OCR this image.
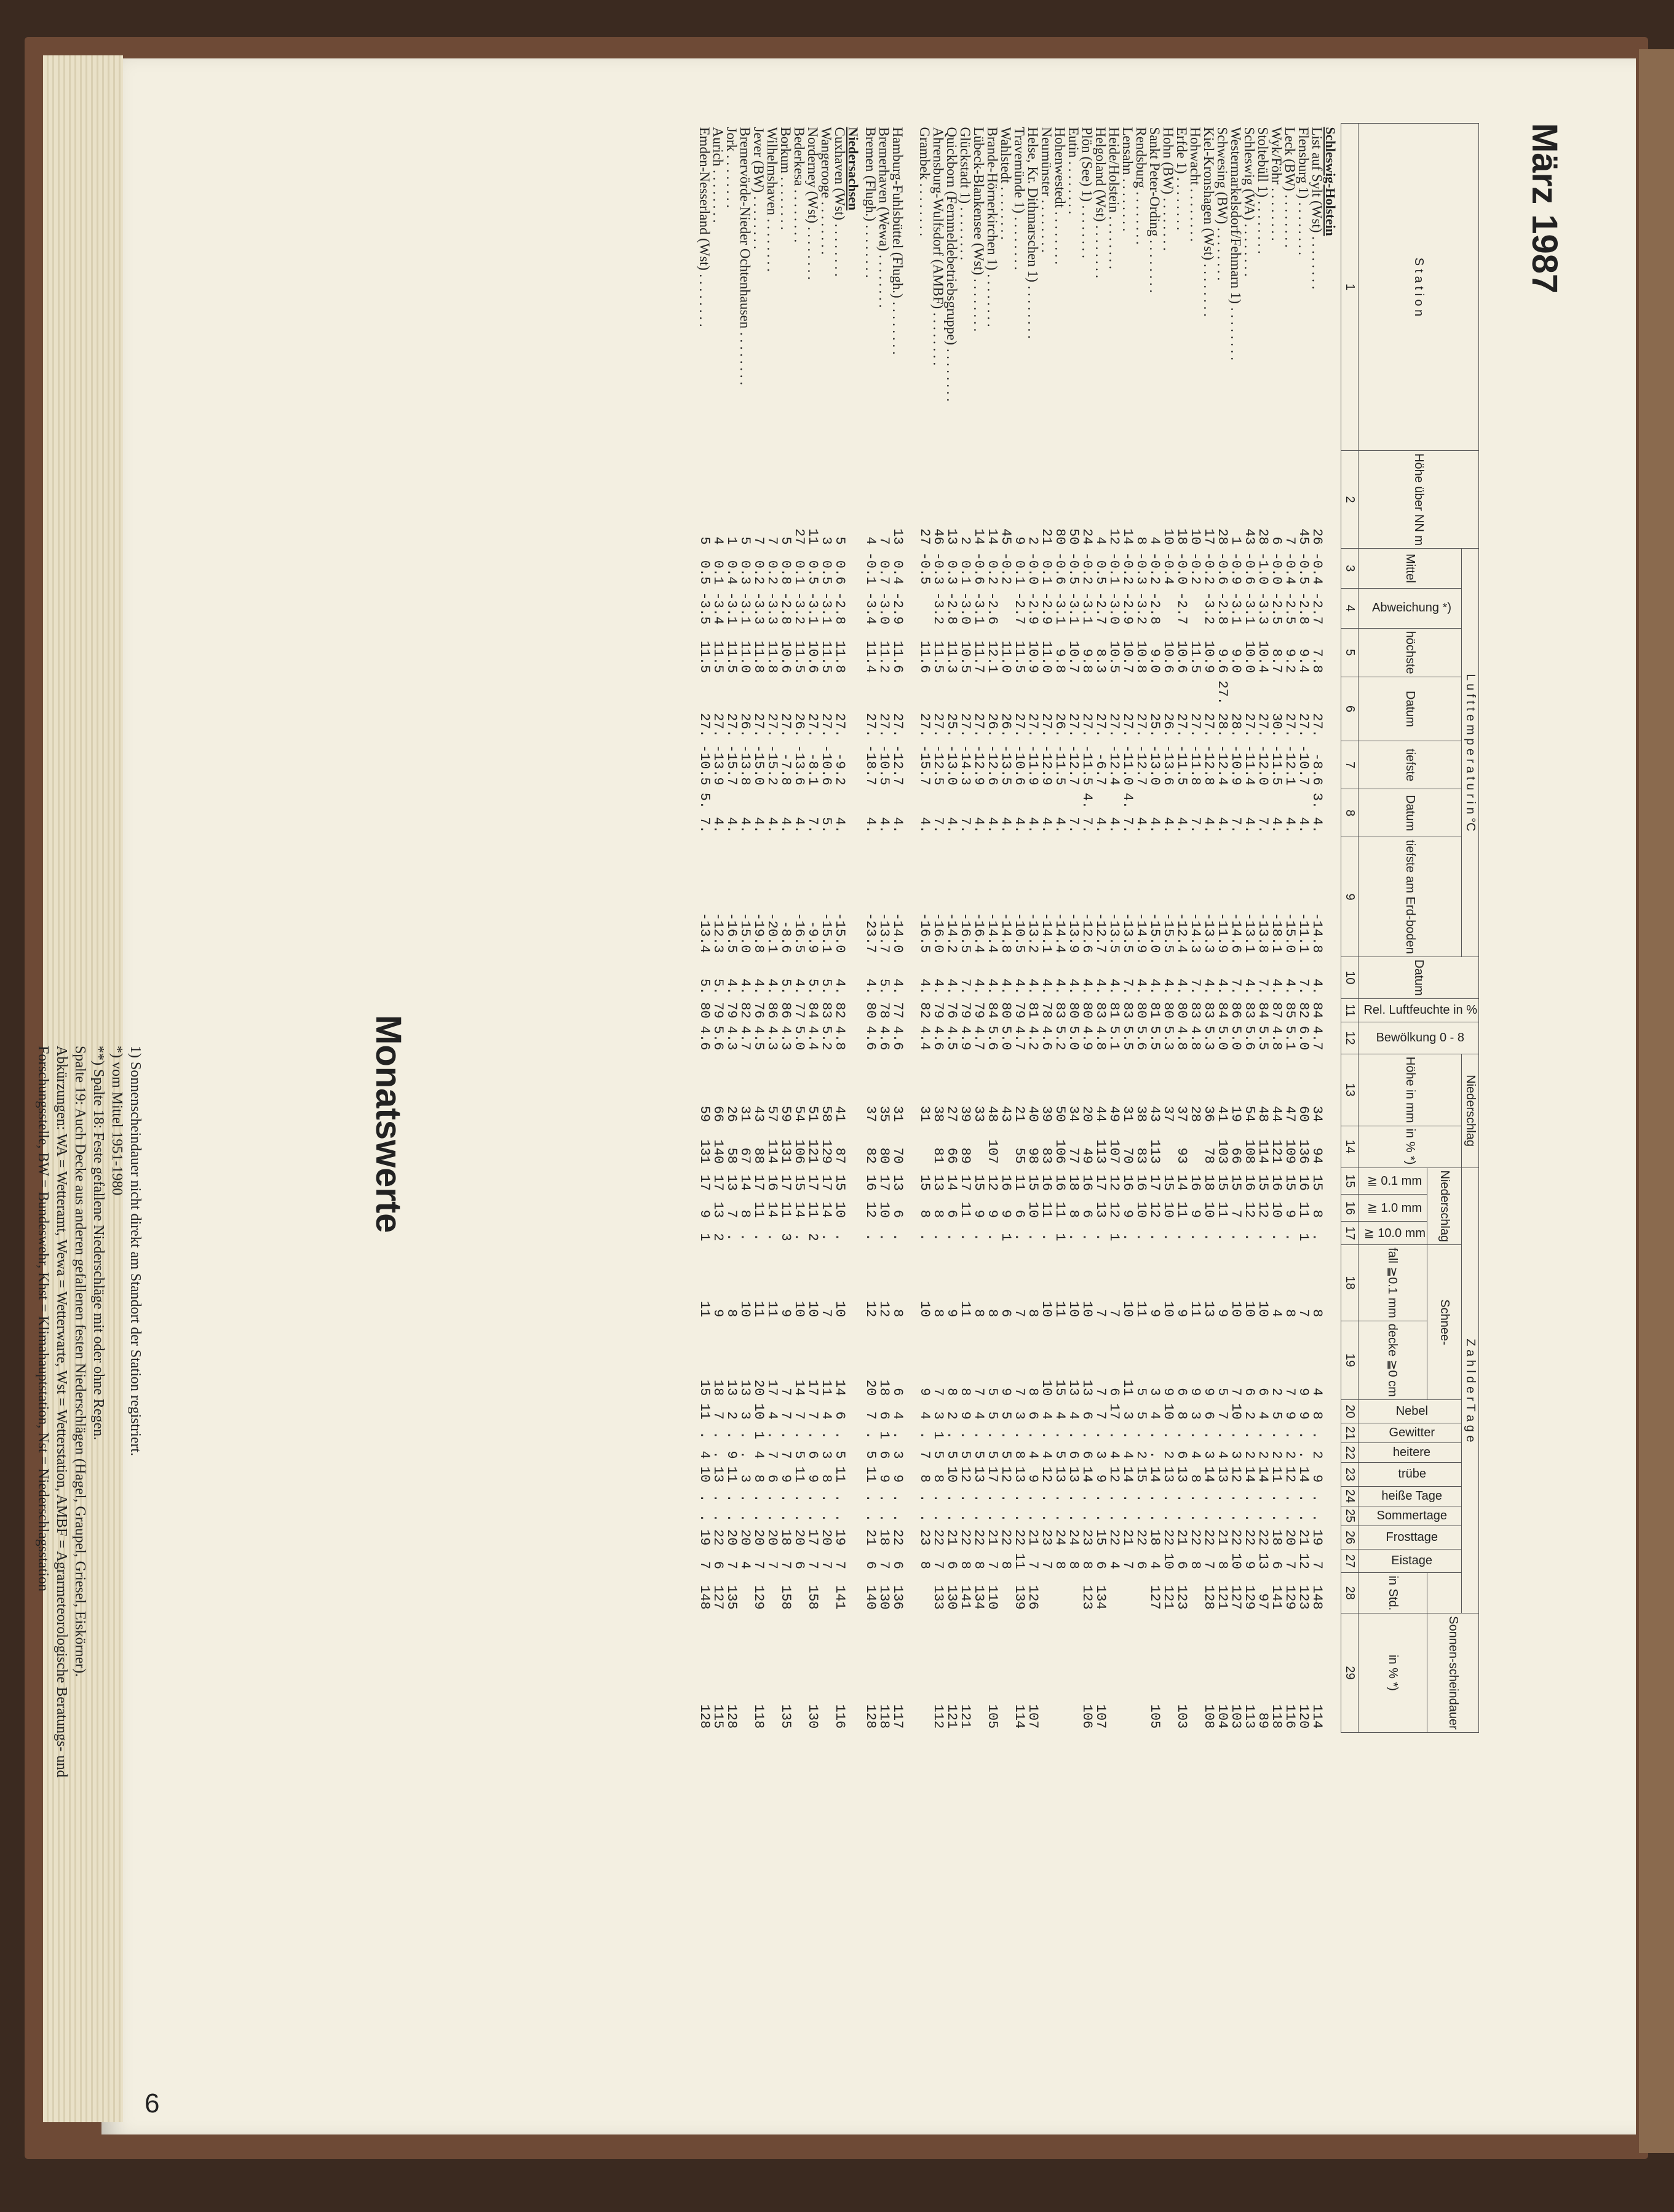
6
März 1987
Monatswerte
S t a t i o n	Höhe über NN m	L u f t t e m p e r a t u r i n °C							Datum	Rel. Luftfeuchte in %	Bewölkung 0 - 8	Niederschlag		Z a h l d e r T a g e														Sonnen-scheindauer
		Mittel	Abweichung *)	höchste	Datum	tiefste	Datum	tiefste am Erd-boden				Höhe in mm	in % *)	Niederschlag			Schnee-		Nebel	Gewitter	heitere	trübe	heiße Tage	Sommertage	Frosttage	Eistage		
														≧ 0.1 mm	≧ 1.0 mm	≧ 10.0 mm	fall ≧0.1 mm	decke ≧0 cm									in Std.	in % *)
1	2	3	4	5	6	7	8	9	10	11	12	13	14	15	16	17	18	19	20	21	22	23	24	25	26	27	28	29
Schleswig-Holstein																												
List auf Sylt (Wst) . . . . . . . .	26	-0.4	-2.7	7.8	27.	-8.6	3. 4.	-14.8	4.	84	4.7	34	94	15	8	.	8	4	8	.	2	9	.	.	19	7	148	114
Flensburg 1) . . . . . . . .	45	-0.5	-2.8	9.4	27.	-10.7	4.	-11.1	7.	82	6.0	60	136	16	11	1	7	9	9	.	.	14	.	.	21	12	123	120
Leck (BW) . . . . . . . .	7	-0.4	-2.5	9.2	27.	-12.1	4.	-15.0	4.	85	5.1	47	109	15	9	.	8	7	9	.	2	12	.	.	20	7	129	116
Wyk/Föhr . . . . . . . .	6	-0.0	-2.5	8.7	30.	-11.5	4.	-18.1	4.	87	4.8	44	121	16	10	.	4	2	5	.	2	11	.	.	18	6	141	118
Stoltebüll 1) . . . . . . . .	28	-1.0	-3.3	10.4	27.	-12.0	7.	-13.8	7.	84	5.5	48	114	15	12	.	10	6	4	.	2	14	.	.	22	13	97	89
Schleswig (WA) . . . . . . . .	43	-0.6	-3.1	10.0	27.	-11.4	4.	-13.1	4.	83	5.6	54	108	16	12	.	10	6	2	.	2	14	.	.	22	9	129	113
Westermarkelsdorf/Fehmarn 1) . . . . . . . .	1	-0.9	-3.1	9.0	28.	-10.9	7.	-14.6	7.	86	5.0	19	66	15	7	.	10	7	10	.	3	12	.	.	22	10	127	103
Schwesing (BW) . . . . . . . .	28	-0.6	-2.8	9.6	27. 28.	-12.4	4.	-11.9	4.	84	5.0	41	103	15	11	.	9	5	7	.	4	13	.	.	21	8	121	104
Kiel-Kronshagen (Wst) . . . . . . . .	17	-0.2	-3.2	10.9	27.	-12.8	4.	-13.3	4.	83	5.3	36	78	18	10	.	13	9	6	.	3	14	.	.	22	7	128	108
Hohwacht . . . . . . . .	10	-0.2		11.5	27.	-11.8	7.	-14.3	7.	83	4.8	28		16	9	.	11	9	3	.	4	8	.	.	22	8		
Erfde 1) . . . . . . . .	18	-0.0	-2.7	10.6	27.	-11.5	4.	-12.4	4.	80	4.8	37	93	14	11	.	9	6	8	.	6	13	.	.	21	6	123	103
Hohn (BW) . . . . . . . .	10	-0.4		10.6	26.	-13.6	4.	-15.5	4.	80	5.3	37		15	10	.	10	9	10	.	2	13	.	.	22	10	121	
Sankt Peter-Ording . . . . . . . .	4	-0.2	-2.8	9.0	25.	-13.0	4.	-15.0	4.	81	5.5	43	113	17	12	.	9	3	4	.	.	14	.	.	18	4	127	105
Rendsburg . . . . . . . .	8	-0.3	-3.2	10.8	27.	-12.7	4.	-14.9	4.	80	5.6	38	83	16	10	.	11	5	5	.	2	15	.	.	22	6		
Lensahn . . . . . . . .	14	-0.2	-2.9	10.7	27.	-11.0	4. 7.	-13.5	7.	83	5.5	31	70	16	9	.	10	11	3	.	4	14	.	.	21	7		
Heide/Holstein . . . . . . . .	12	-0.1	-3.0	10.5	27.	-12.4	4.	-13.5	4.	81	5.1	49	107	12	12	1	7	6	17	.	4	12	.	.	22	4		
Helgoland (Wst) . . . . . . . .	4	0.5	-2.7	8.3	27.	-6.7	4.	-12.7	4.	83	4.8	44	113	17	13	.	7	7	7	.	3	9	.	.	15	6	134	107
Plön (See) 1) . . . . . . . .	24	-0.2	-3.1	9.8	27.	-11.5	4. 7.	-12.6	4.	80	4.9	20	49	16	6	.	10	13	6	.	6	14	.	.	23	8	123	106
Eutin . . . . . . . .	50	-0.5	-3.1	10.7	27.	-12.7	7.	-13.9	4.	80	5.0	34	77	18	8	.	10	13	4	.	6	13	.	.	24	8		
Hohenwestedt . . . . . . . .	80	-0.6	-3.1	9.8	26.	-11.5	4.	-14.4	4.	83	5.2	50	106	16	11	1	11	15	4	.	5	13	.	.	24	8		
Neumünster . . . . . . . .	21	0.1	-2.9	11.0	27.	-12.9	4.	-14.1	4.	78	4.6	39	83	16	11	.	10	10	4	.	4	12	.	.	23	7		
Helse, Kr. Dithmarschen 1) . . . . . . . .	2	-0.0	-2.9	10.9	27.	-11.9	4.	-13.2	4.	81	4.2	40	98	15	10	.	8	8	6	.	4	9	.	.	21	7	126	107
Travemünde 1) . . . . . . . .	9	0.1	-2.7	11.5	27.	-10.6	4.	-10.5	4.	79	4.7	21	55	11	6	.	7	7	3	.	8	13	.	.	22	11	139	114
Wahlstedt . . . . . . . .	45	-0.2		11.0	26.	-13.5	4.	-14.8	4.	80	5.0	43		16	9	1	6	9	5	.	5	12	.	.	22	8		
Brande-Hörnerkirchen 1) . . . . . . . .	14	0.2	-2.6	12.1	26.	-12.6	4.	-14.4	4.	84	5.6	48	107	12	9	.	8	5	5	.	5	17	.	.	21	7	110	105
Lübeck-Blankensee (Wst) . . . . . . . .	14	-0.6	-3.1	11.7	27.	-12.9	4.	-16.4	4.	79	4.7	33		15	9	.	8	7	4	.	5	13	.	.	22	8	134	
Glückstadt 1) . . . . . . . .	2	0.1	-3.0	10.5	27.	-14.3	7.	-16.5	7.	79	4.9	39	89	17	11	.	11	8	9	.	5	12	.	.	22	8	141	121
Quickborn (Fernmeldebetriebsgruppe) . . . . . . . .	13	0.3	-2.8	11.3	25.	-13.0	4.	-14.2	4.	76	4.5	27	66	14	6	.	9	8	2	.	5	10	.	.	21	6	130	121
Ahrensburg-Wulfsdorf (AMBF) . . . . . . . .	46	-0.3	-3.2	11.5	27.	-12.5	7.	-16.0	4.	79	4.6	38	81	13	8	.	8	7	3	1	5	8	.	.	22	7	133	112
Grambek . . . . . . . .	27	-0.5		11.6	27.	-15.7	4.	-16.5	4.	82	4.4	31		15	8	.	10	9	4	.	7	8	.	.	23	8		

Hamburg-Fuhlsbüttel (Flugh.) . . . . . . . .	13	0.4	-2.9	11.6	27.	-12.7	4.	-14.0	4.	77	4.6	31	70	13	6	.	8	6	4	.	3	9	.	.	22	6	136	117
Bremerhaven (Wewa) . . . . . . . .	7	0.7	-3.0	11.2	27.	-10.5	4.	-13.7	5.	78	4.6	35	80	17	10	.	12	18	6	1	6	9	.	.	18	7	130	118
Bremen (Flugh.) . . . . . . . .	4	-0.1	-3.4	11.4	27.	-18.7	4.	-23.7	4.	80	4.6	37	82	16	12	.	12	20	7	.	5	11	.	.	21	6	140	128
Niedersachsen																												
Cuxhaven (Wst) . . . . . . . .	5	0.6	-2.8	11.8	27.	-9.2	4.	-15.0	4.	82	4.8	41	87	15	10	.	10	14	6	.	5	11	.	.	19	7	141	116
Wangerooge . . . . . . . .	3	0.5	-3.1	11.5	27.	-10.6	5.	-15.1	5.	83	5.2	58	129	17	14	.	7	11	4	.	3	8	.	.	20	7		
Norderney (Wst) . . . . . . . .	11	0.5	-3.1	10.6	27.	-8.1	7.	-9.9	5.	84	4.4	51	121	17	11	2	10	17	7	.	6	9	.	.	17	7	158	130
Bederkesa . . . . . . . .	27	0.1	-3.2	11.5	26.	-13.6	4.	-16.5	4.	77	5.0	54	106	15	14	.	10	14	7	.	5	11	.	.	20	6		
Borkum . . . . . . . .	5	0.8	-2.8	10.6	27.	-7.8	4.	-8.6	5.	86	4.3	59	131	17	11	3	9	7	7	.	7	9	.	.	18	7	158	135
Wilhelmshaven . . . . . . . .	7	0.2	-3.3	11.8	27.	-15.2	4.	-20.1	4.	86	4.3	57	114	16	14	.	11	17	4	.	7	6	.	.	20	7		
Jever (BW) . . . . . . . .	7	0.2	-3.3	11.8	27.	-15.0	4.	-19.8	4.	76	4.5	43	88	17	11	.	11	20	10	1	4	8	.	.	20	7	129	118
Bremervörde-Nieder Ochtenhausen . . . . . . . .	5	0.3	-3.1	11.0	26.	-13.8	4.	-15.0	4.	82	4.7	31	67	14	8	.	10	13	3	.	.	3	.	.	20	4		
Jork . . . . . . . .	1	0.4	-3.1	11.5	27.	-15.7	4.	-16.5	4.	79	4.3	26	58	13	7	.	8	13	2	.	9	11	.	.	20	7	135	128
Aurich . . . . . . . .	4	0.1	-3.4	11.5	27.	-13.9	4.	-12.3	5.	79	5.6	66	140	17	13	2	9	18	7	.	.	13	.	.	22	6	127	115
Emden-Nesserland (Wst) . . . . . . . .	5	0.5	-3.5	11.5	27.	-10.5	5. 7.	-13.4	5.	80	4.6	59	131	17	9	1	11	15	11	.	4	10	.	.	19	7	148	128
1) Sonnenscheindauer nicht direkt am Standort der Station registriert.
*) vom Mittel 1951-1980
**) Spalte 18: Feste gefallene Niederschläge mit oder ohne Regen.
Spalte 19: Auch Decke aus anderen gefallenen festen Niederschlägen (Hagel, Graupel, Griesel, Eiskörner).
Abkürzungen: WA = Wetteramt, Wewa = Wetterwarte, Wst = Wetterstation, AMBF = Agrarmeteorologische Beratungs- und
Forschungsstelle, BW = Bundeswehr, Khst = Klimahauptstation, Nst = Niederschlagsstation
